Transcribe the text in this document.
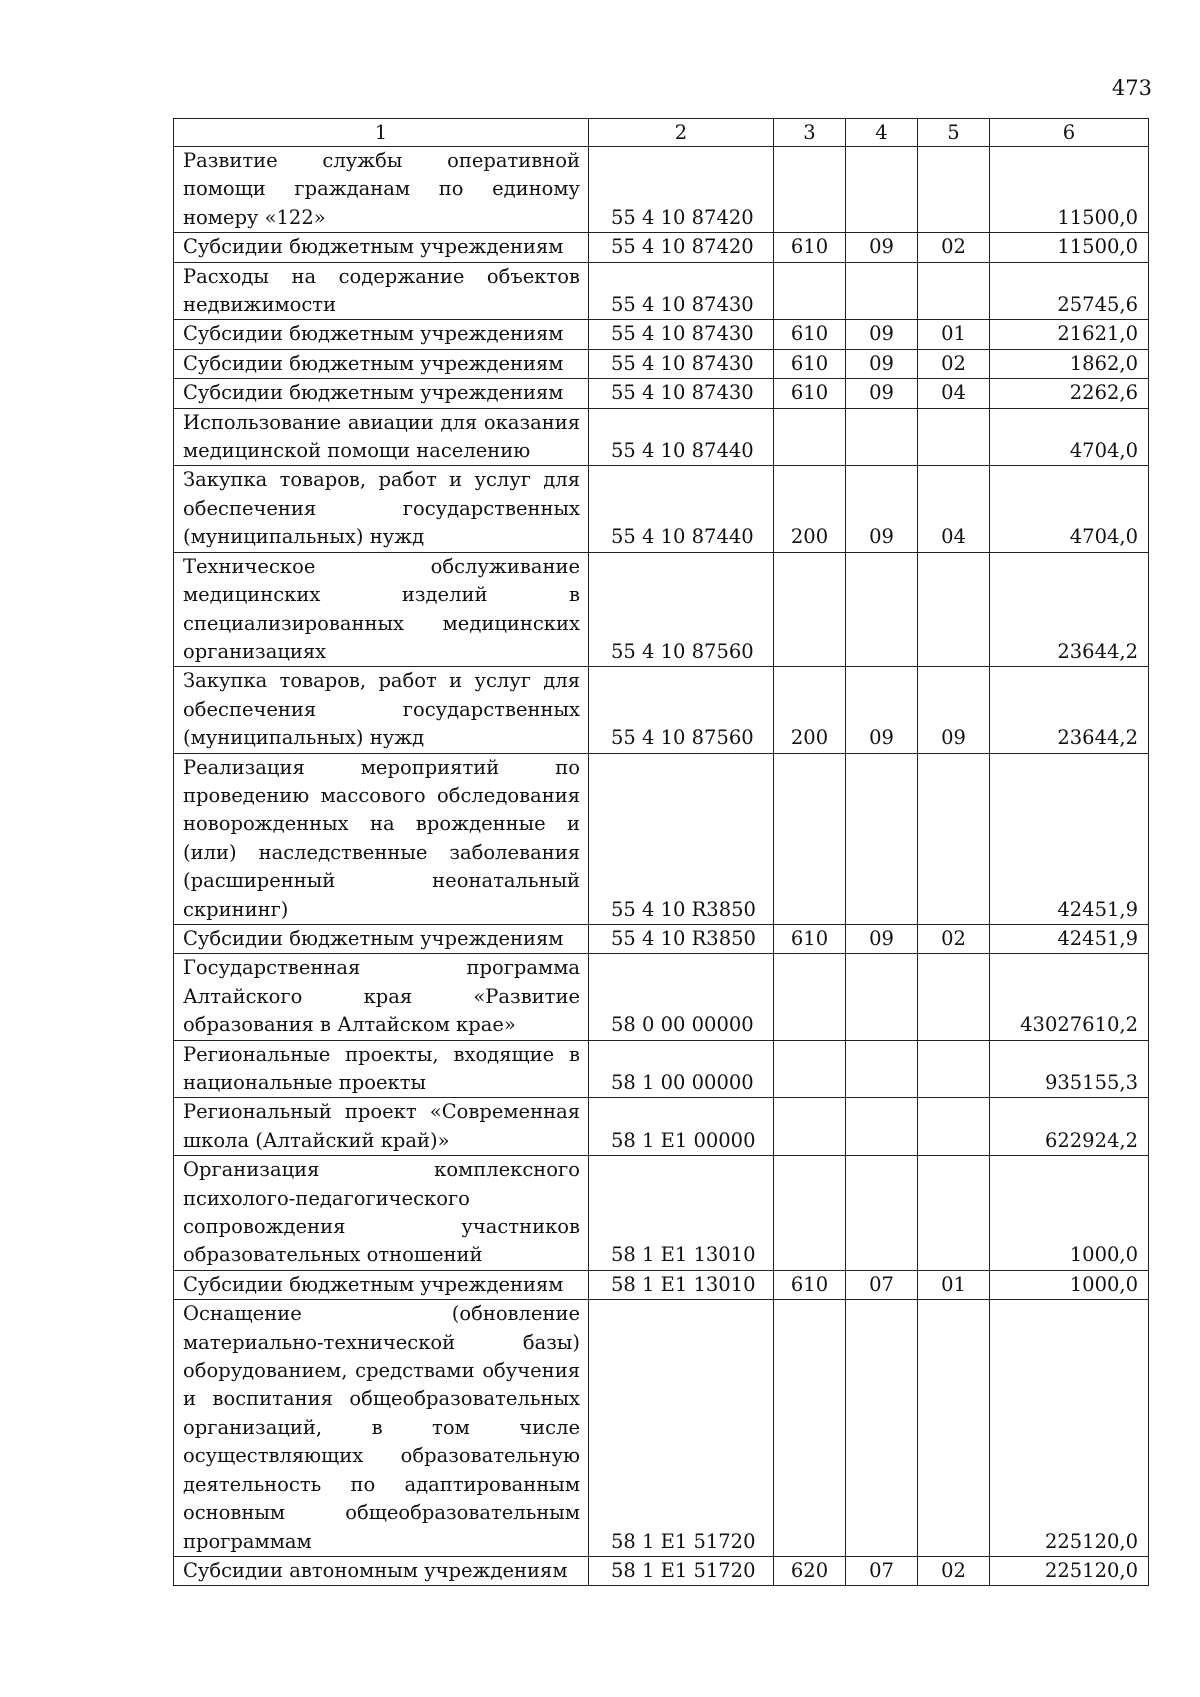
473
1	2	3	4	5	6
Развитие службы оперативной помощи гражданам по единому номеру «122»	55 4 10 87420				11500,0
Субсидии бюджетным учреждениям	55 4 10 87420	610	09	02	11500,0
Расходы на содержание объектов недвижимости	55 4 10 87430				25745,6
Субсидии бюджетным учреждениям	55 4 10 87430	610	09	01	21621,0
Субсидии бюджетным учреждениям	55 4 10 87430	610	09	02	1862,0
Субсидии бюджетным учреждениям	55 4 10 87430	610	09	04	2262,6
Использование авиации для оказания медицинской помощи населению	55 4 10 87440				4704,0
Закупка товаров, работ и услуг для обеспечения государственных (муниципальных) нужд	55 4 10 87440	200	09	04	4704,0
Техническое обслуживание медицинских изделий в специализированных медицинских организациях	55 4 10 87560				23644,2
Закупка товаров, работ и услуг для обеспечения государственных (муниципальных) нужд	55 4 10 87560	200	09	09	23644,2
Реализация мероприятий по проведению массового обследования новорожденных на врожденные и (или) наследственные заболевания (расширенный неонатальный скрининг)	55 4 10 R3850				42451,9
Субсидии бюджетным учреждениям	55 4 10 R3850	610	09	02	42451,9
Государственная программа Алтайского края «Развитие образования в Алтайском крае»	58 0 00 00000				43027610,2
Региональные проекты, входящие в национальные проекты	58 1 00 00000				935155,3
Региональный проект «Современная школа (Алтайский край)»	58 1 E1 00000				622924,2
Организация комплексного психолого-педагогического сопровождения участников образовательных отношений	58 1 E1 13010				1000,0
Субсидии бюджетным учреждениям	58 1 E1 13010	610	07	01	1000,0
Оснащение (обновление материально-технической базы) оборудованием, средствами обучения и воспитания общеобразовательных организаций, в том числе осуществляющих образовательную деятельность по адаптированным основным общеобразовательным программам	58 1 E1 51720				225120,0
Субсидии автономным учреждениям	58 1 E1 51720	620	07	02	225120,0
